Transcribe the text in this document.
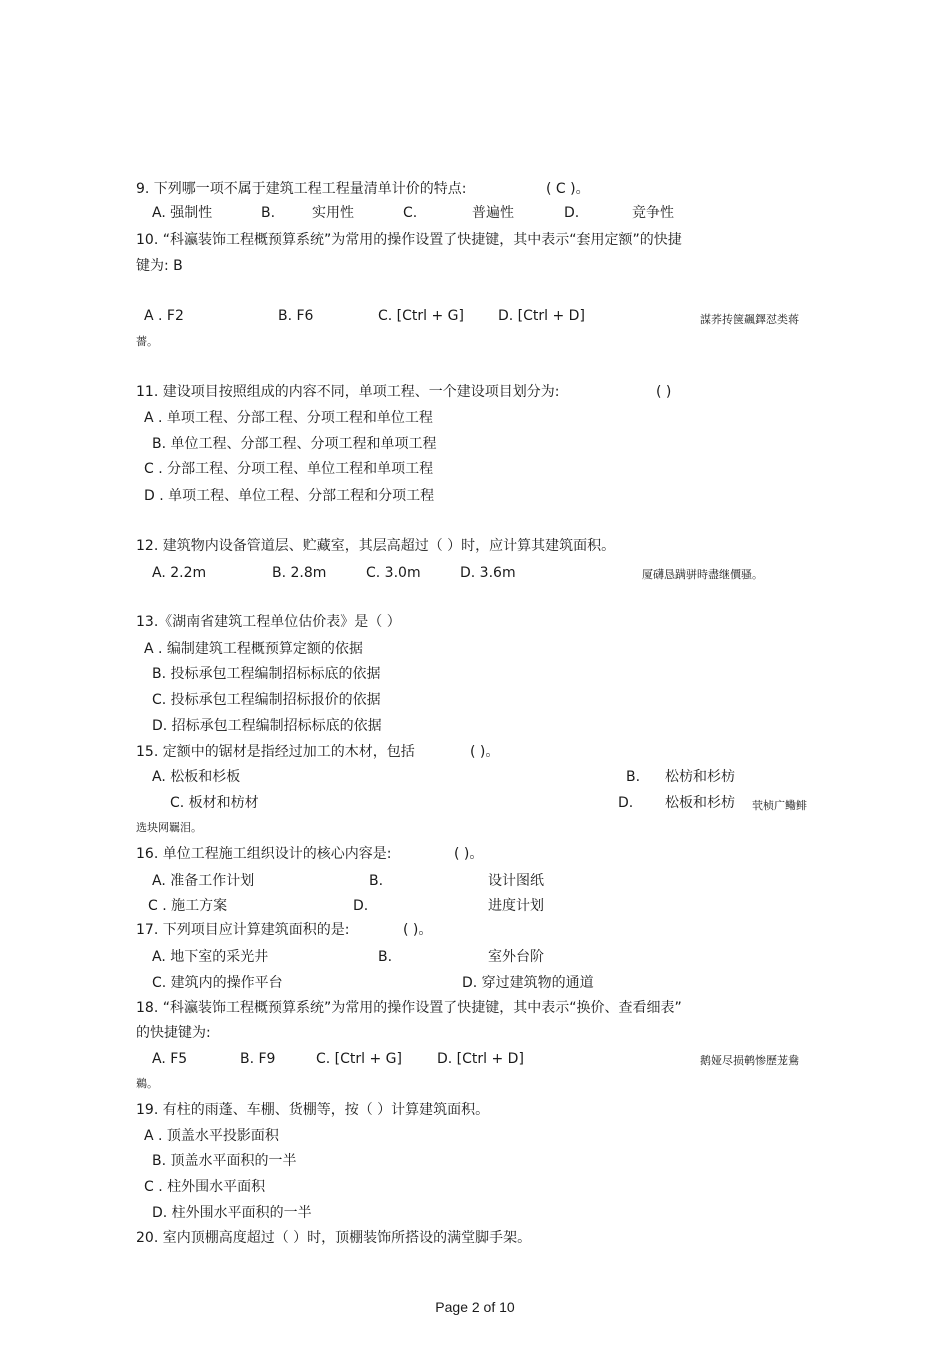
9. 下列哪一项不属于建筑工程工程量清单计价的特点:	( C )。
A. 强制性	B.	实用性	C.	普遍性	D.	竞争性
10. “科瀛装饰工程概预算系统”为常用的操作设置了快捷键，其中表示“套用定额”的快捷
键为: B
A . F2	B. F6	C. [Ctrl + G] D. [Ctrl + D]	謀荞抟箧飆鐸怼类蒋
薔。
11. 建设项目按照组成的内容不同，单项工程、一个建设项目划分为:	( )
A . 单项工程、分部工程、分项工程和单位工程
B. 单位工程、分部工程、分项工程和单项工程
C . 分部工程、分项工程、单位工程和单项工程
D . 单项工程、单位工程、分部工程和分项工程
12. 建筑物内设备管道层、贮藏室，其层高超过（ ）时，应计算其建筑面积。
A. 2.2m	B. 2.8m	C. 3.0m	D. 3.6m	厦礴恳蹒骈時盡继價骚。
13.《湖南省建筑工程单位估价表》是（ ）
A . 编制建筑工程概预算定额的依据
B. 投标承包工程编制招标标底的依据
C. 投标承包工程编制招标报价的依据
D. 招标承包工程编制招标标底的依据
15. 定额中的锯材是指经过加工的木材，包括	( )。
A. 松板和杉板	B. 松枋和杉枋
C. 板材和枋材	D. 松板和杉枋 茕桢广鳓鲱
选块网羈泪。
16. 单位工程施工组织设计的核心内容是:	( )。
A. 准备工作计划	B.	设计图纸
C . 施工方案	D.	进度计划
17. 下列项目应计算建筑面积的是:	( )。
A. 地下室的采光井	B.	室外台阶
C. 建筑内的操作平台	D. 穿过建筑物的通道
18. “科瀛装饰工程概预算系统”为常用的操作设置了快捷键，其中表示“换价、查看细表”
的快捷键为:
A. F5	B. F9	C. [Ctrl + G]	D. [Ctrl + D]	鹅娅尽损鹌惨歷茏鴦
鵜。
19. 有柱的雨蓬、车棚、货棚等，按（ ）计算建筑面积。
A . 顶盖水平投影面积
B. 顶盖水平面积的一半
C . 柱外围水平面积
D. 柱外围水平面积的一半
20. 室内顶棚高度超过（ ）时，顶棚装饰所搭设的满堂脚手架。
Page 2 of 10
